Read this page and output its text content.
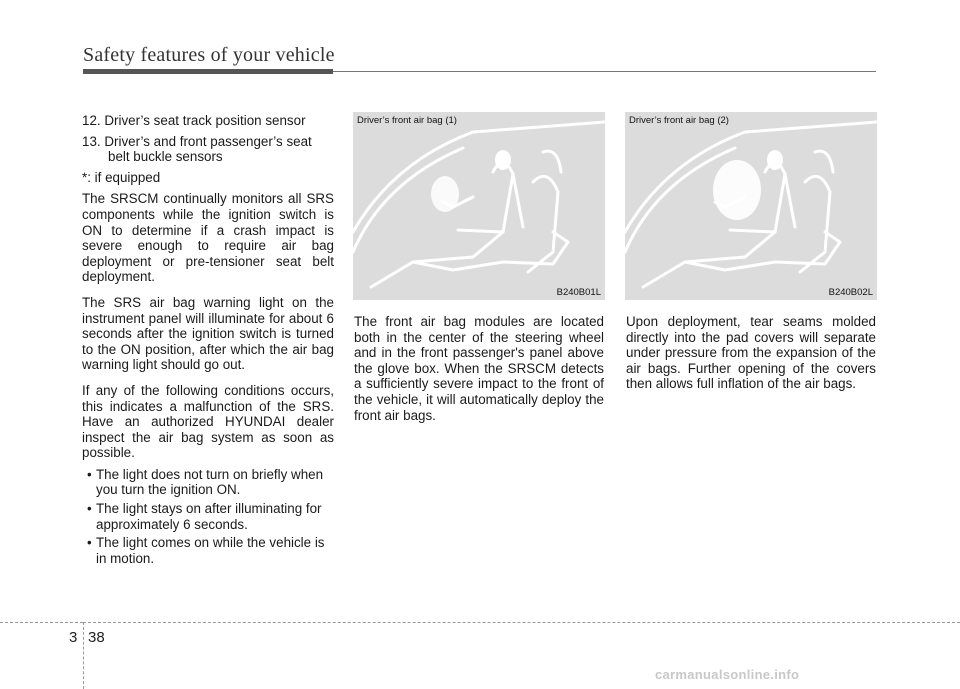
Safety features of your vehicle
12. Driver’s seat track position sensor
13. Driver’s and front passenger’s seat belt buckle sensors

*: if equipped

The SRSCM continually monitors all SRS components while the ignition switch is ON to determine if a crash impact is severe enough to require air bag deployment or pre-tensioner seat belt deployment.

The SRS air bag warning light on the instrument panel will illuminate for about 6 seconds after the ignition switch is turned to the ON position, after which the air bag warning light should go out.

If any of the following conditions occurs, this indicates a malfunction of the SRS. Have an authorized HYUNDAI dealer inspect the air bag system as soon as possible.

• The light does not turn on briefly when you turn the ignition ON.
• The light stays on after illuminating for approximately 6 seconds.
• The light comes on while the vehicle is in motion.
Driver’s front air bag (1)
B240B01L
Driver’s front air bag (2)
B240B02L

The front air bag modules are located both in the center of the steering wheel and in the front passenger's panel above the glove box. When the SRSCM detects a sufficiently severe impact to the front of the vehicle, it will automatically deploy the front air bags.

Upon deployment, tear seams molded directly into the pad covers will separate under pressure from the expansion of the air bags. Further opening of the covers then allows full inflation of the air bags.

3 38
carmanualsonline.info
